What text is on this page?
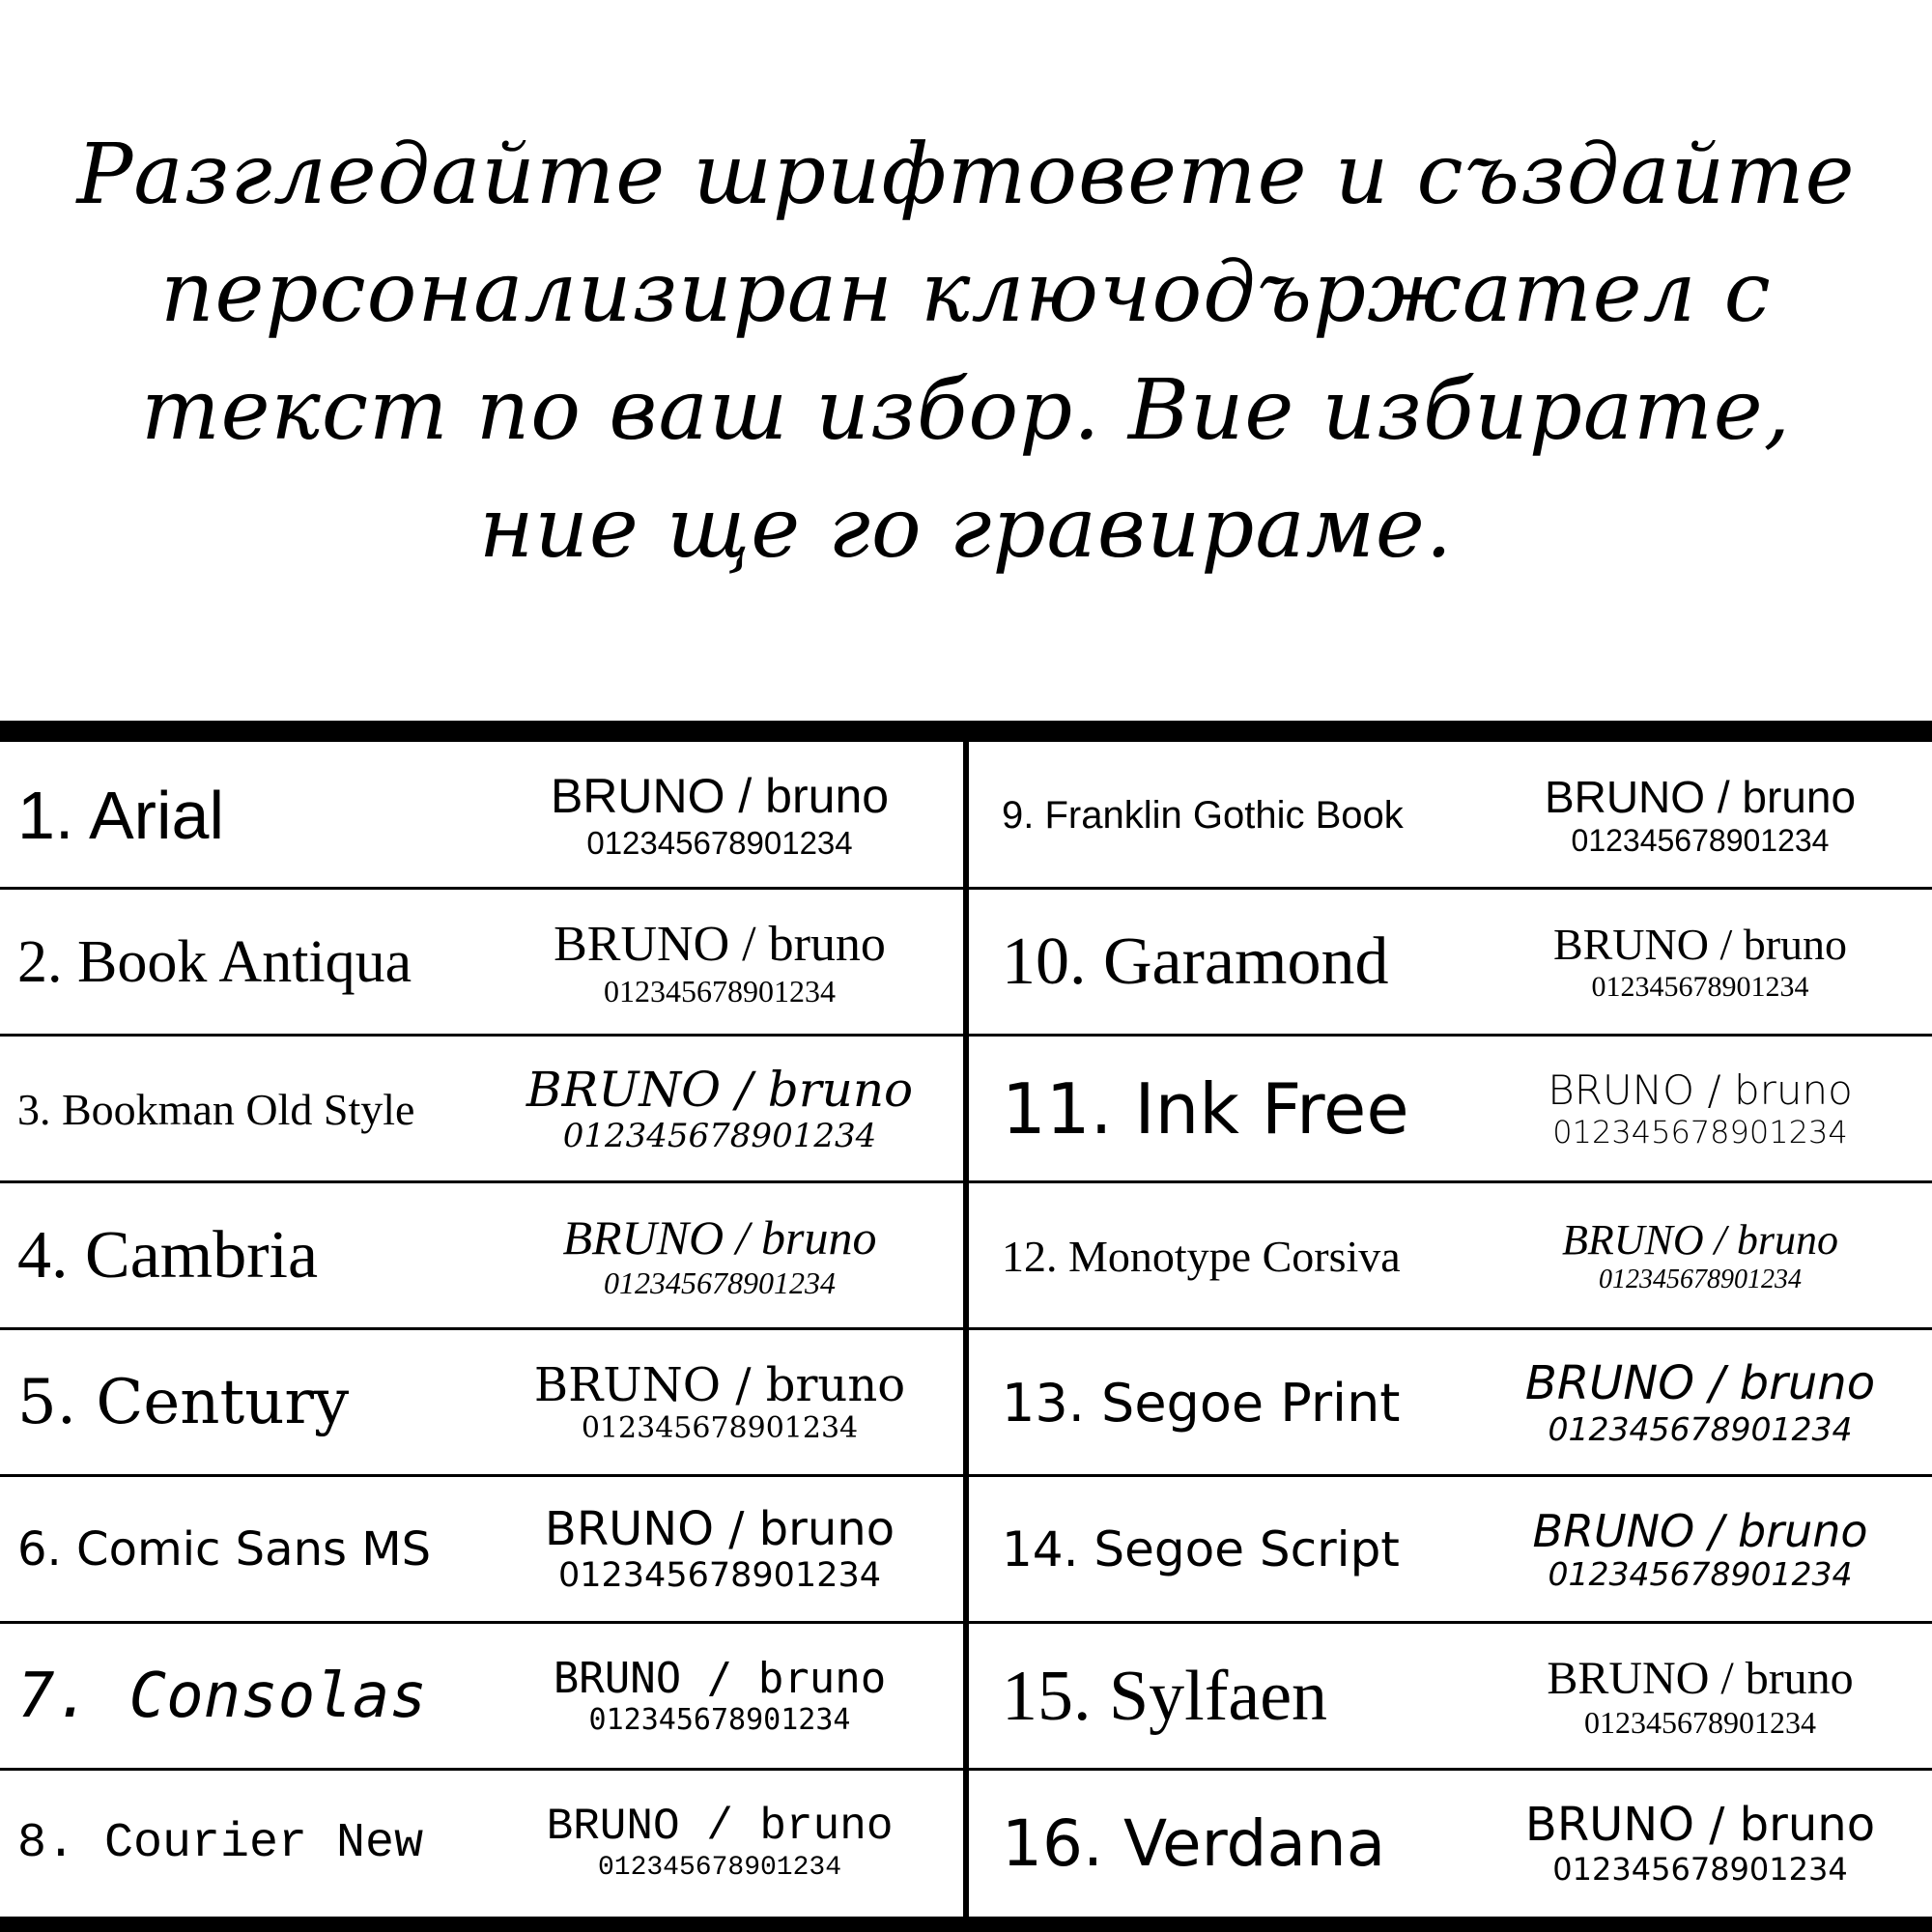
Разгледайте шрифтовете и създайте
персонализиран ключодържател с
текст по ваш избор. Вие избирате,
ние ще го гравираме.
1. Arial	BRUNO / bruno
012345678901234
2. Book Antiqua	BRUNO / bruno
012345678901234
3. Bookman Old Style BRUNO / bruno
012345678901234
4. Cambria	BRUNO / bruno
012345678901234
5. Century	BRUNO / bruno
012345678901234
6. Comic Sans MS BRUNO / bruno
012345678901234
7. Consolas	BRUNO / bruno
012345678901234
8. Courier New	BRUNO / bruno
012345678901234
9. Franklin Gothic Book	BRUNO / bruno
012345678901234
10. Garamond	BRUNO / bruno
012345678901234
11. Ink Free	BRUNO / bruno
012345678901234
12. Monotype Corsiva	BRUNO / bruno
012345678901234
13. Segoe Print	BRUNO / bruno
012345678901234
14. Segoe Script	BRUNO / bruno
012345678901234
15. Sylfaen	BRUNO / bruno
012345678901234
16. Verdana	BRUNO / bruno
012345678901234
